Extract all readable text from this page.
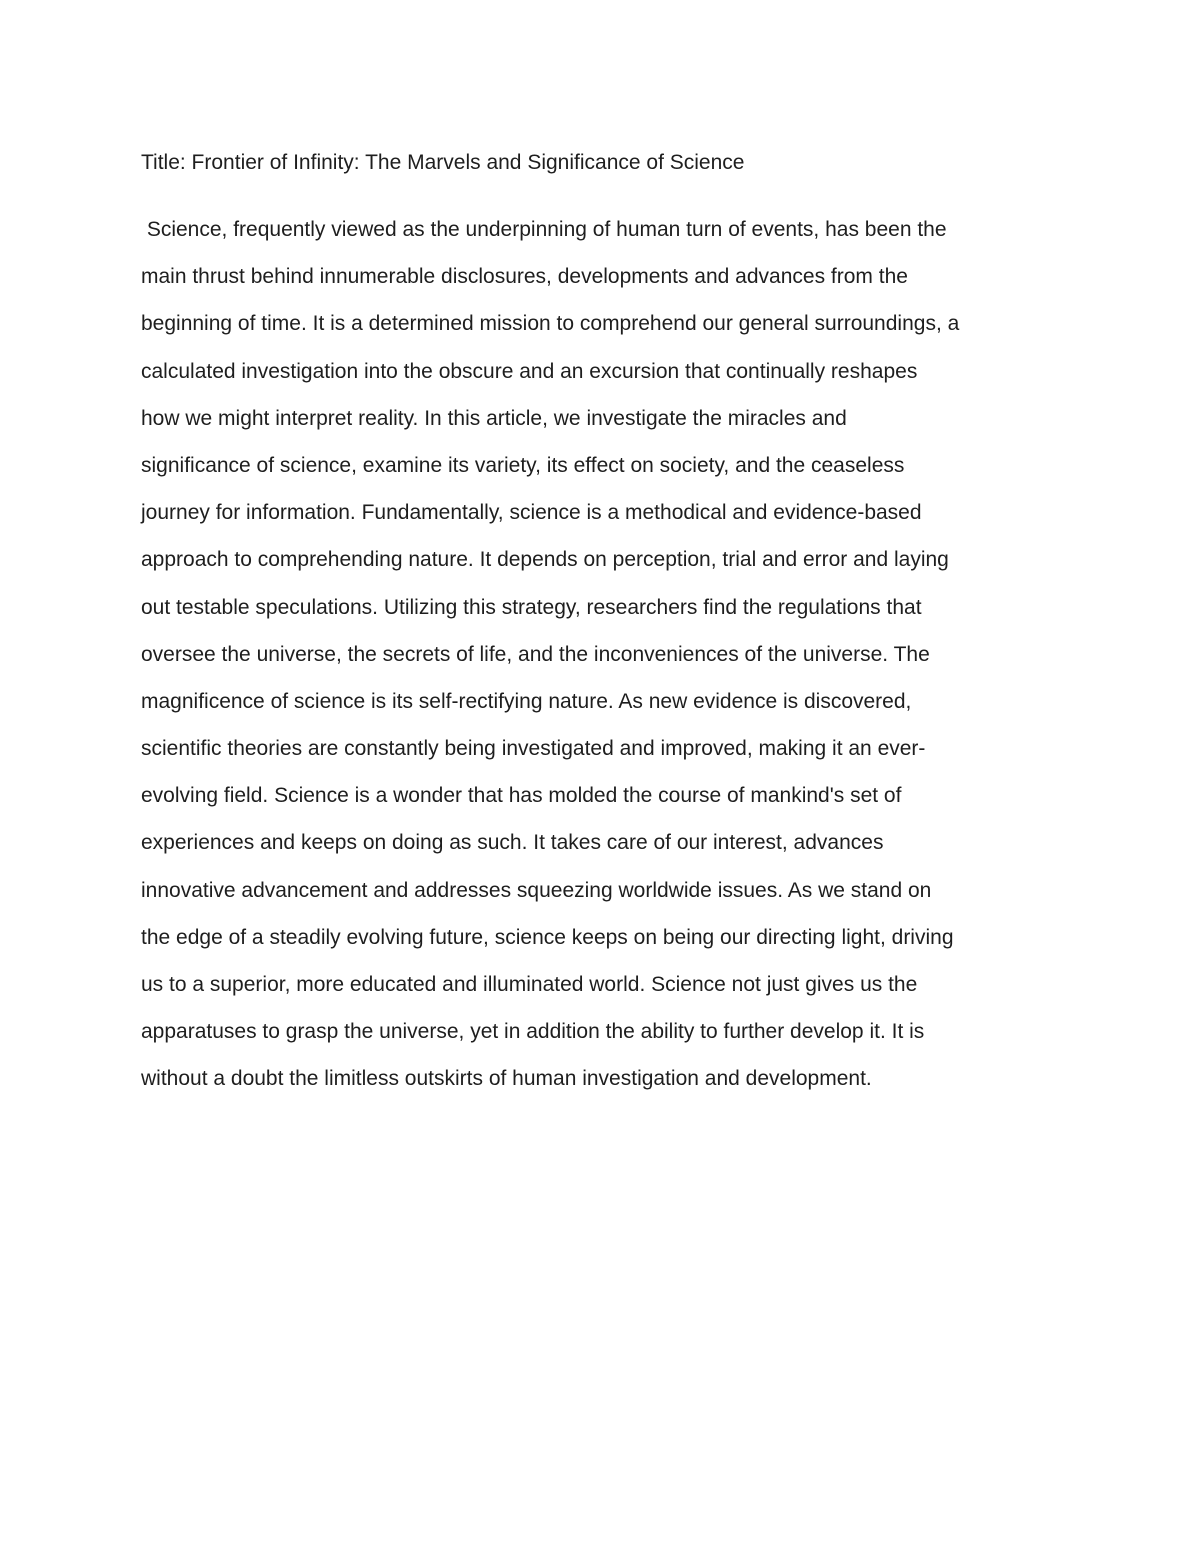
Title: Frontier of Infinity: The Marvels and Significance of Science
Science, frequently viewed as the underpinning of human turn of events, has been the
main thrust behind innumerable disclosures, developments and advances from the
beginning of time. It is a determined mission to comprehend our general surroundings, a
calculated investigation into the obscure and an excursion that continually reshapes
how we might interpret reality. In this article, we investigate the miracles and
significance of science, examine its variety, its effect on society, and the ceaseless
journey for information. Fundamentally, science is a methodical and evidence-based
approach to comprehending nature. It depends on perception, trial and error and laying
out testable speculations. Utilizing this strategy, researchers find the regulations that
oversee the universe, the secrets of life, and the inconveniences of the universe. The
magnificence of science is its self-rectifying nature. As new evidence is discovered,
scientific theories are constantly being investigated and improved, making it an ever-
evolving field. Science is a wonder that has molded the course of mankind's set of
experiences and keeps on doing as such. It takes care of our interest, advances
innovative advancement and addresses squeezing worldwide issues. As we stand on
the edge of a steadily evolving future, science keeps on being our directing light, driving
us to a superior, more educated and illuminated world. Science not just gives us the
apparatuses to grasp the universe, yet in addition the ability to further develop it. It is
without a doubt the limitless outskirts of human investigation and development.
